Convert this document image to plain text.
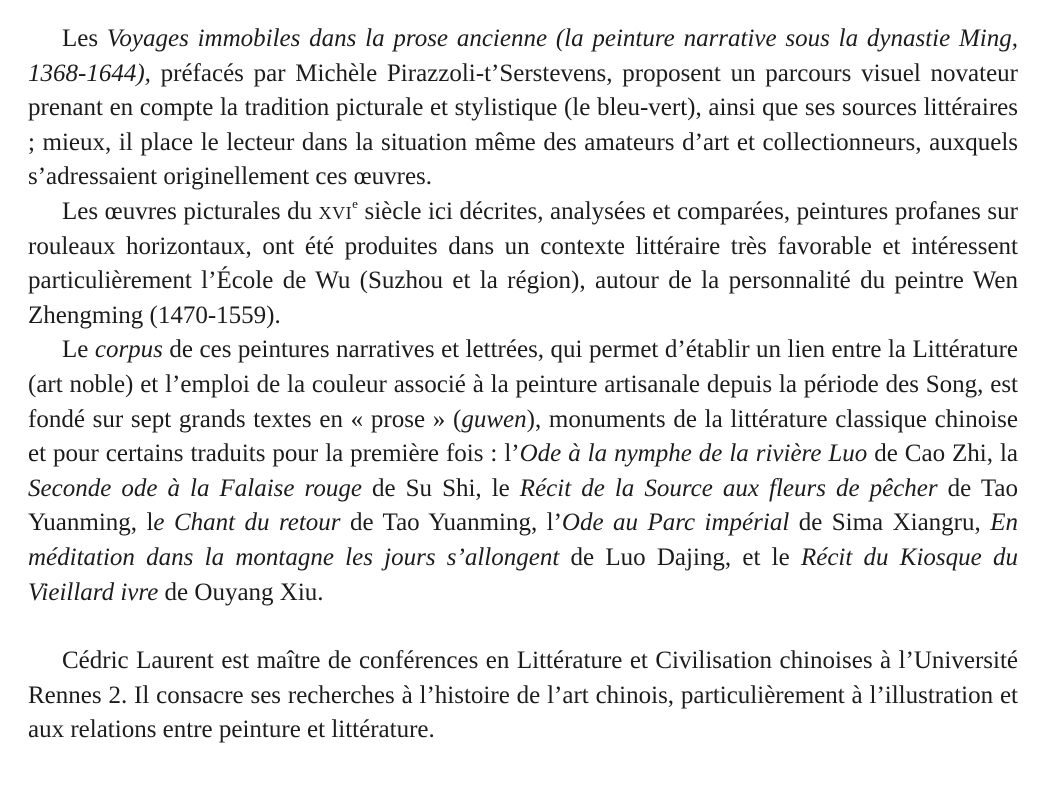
Les Voyages immobiles dans la prose ancienne (la peinture narrative sous la dynastie Ming, 1368-1644), préfacés par Michèle Pirazzoli-t’Serstevens, proposent un parcours visuel novateur prenant en compte la tradition picturale et stylistique (le bleu-vert), ainsi que ses sources littéraires ; mieux, il place le lecteur dans la situation même des amateurs d’art et collectionneurs, auxquels s’adressaient originellement ces œuvres.

Les œuvres picturales du xvi$^e$ siècle ici décrites, analysées et comparées, peintures profanes sur rouleaux horizontaux, ont été produites dans un contexte littéraire très favorable et intéressent particulièrement l’École de Wu (Suzhou et la région), autour de la personnalité du peintre Wen Zhengming (1470-1559).

Le corpus de ces peintures narratives et lettrées, qui permet d’établir un lien entre la Littérature (art noble) et l’emploi de la couleur associé à la peinture artisanale depuis la période des Song, est fondé sur sept grands textes en « prose » (guwen), monuments de la littérature classique chinoise et pour certains traduits pour la première fois : l’Ode à la nymphe de la rivière Luo de Cao Zhi, la Seconde ode à la Falaise rouge de Su Shi, le Récit de la Source aux fleurs de pêcher de Tao Yuanming, le Chant du retour de Tao Yuanming, l’Ode au Parc impérial de Sima Xiangru, En méditation dans la montagne les jours s’allongent de Luo Dajing, et le Récit du Kiosque du Vieillard ivre de Ouyang Xiu.

Cédric Laurent est maître de conférences en Littérature et Civilisation chinoises à l’Université Rennes 2. Il consacre ses recherches à l’histoire de l’art chinois, particulièrement à l’illustration et aux relations entre peinture et littérature.
